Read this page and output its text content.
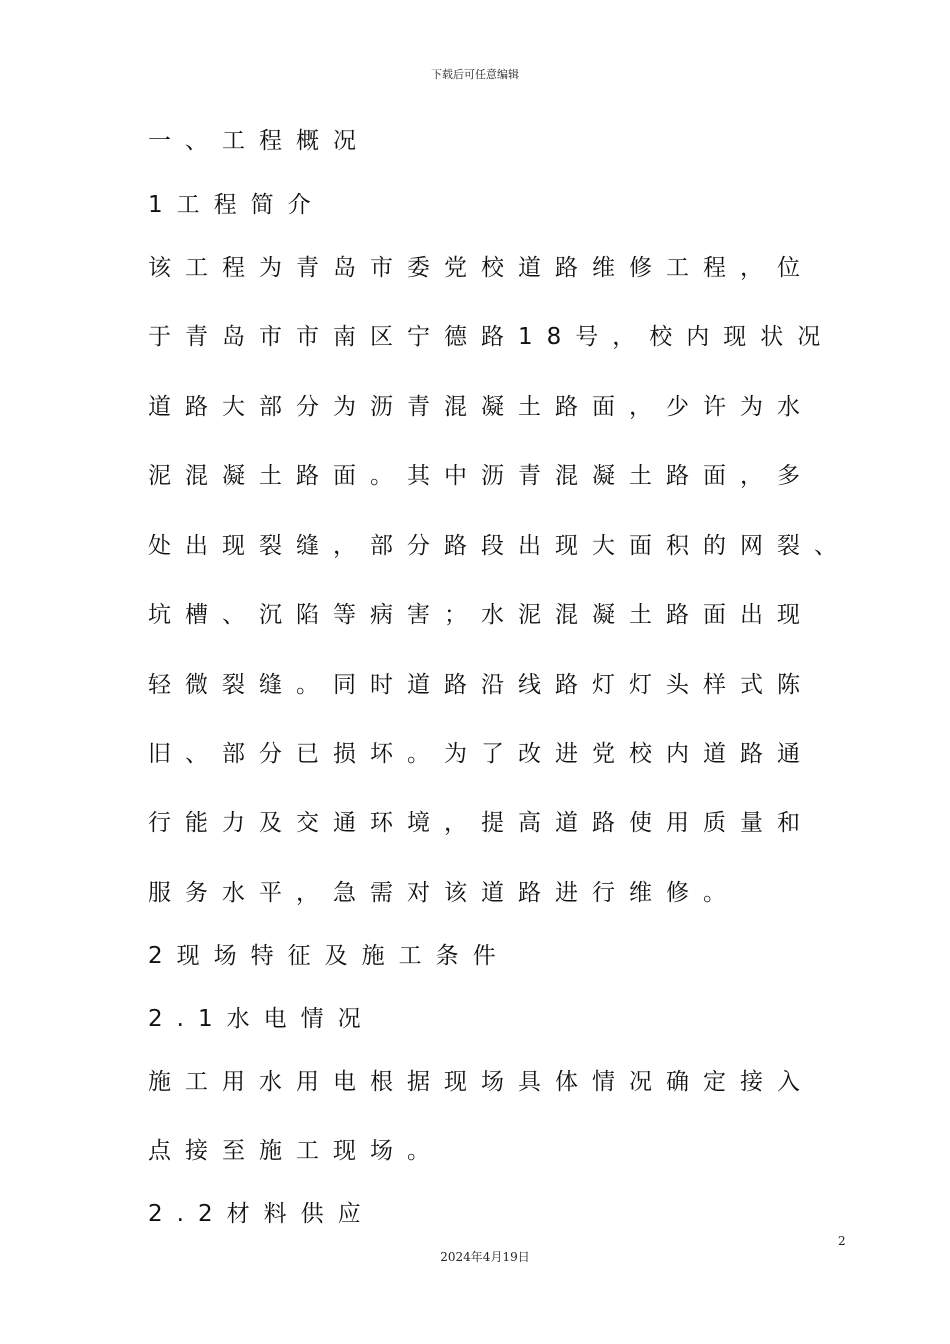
下载后可任意编辑
一、工程概况
1工程简介
该工程为青岛市委党校道路维修工程，位
于青岛市市南区宁德路18号，校内现状况
道路大部分为沥青混凝土路面，少许为水
泥混凝土路面。其中沥青混凝土路面，多
处出现裂缝，部分路段出现大面积的网裂、
坑槽、沉陷等病害；水泥混凝土路面出现
轻微裂缝。同时道路沿线路灯灯头样式陈
旧、部分已损坏。为了改进党校内道路通
行能力及交通环境，提高道路使用质量和
服务水平，急需对该道路进行维修。
2现场特征及施工条件
2.1水电情况
施工用水用电根据现场具体情况确定接入
点接至施工现场。
2.2材料供应
2
2024年4月19日
